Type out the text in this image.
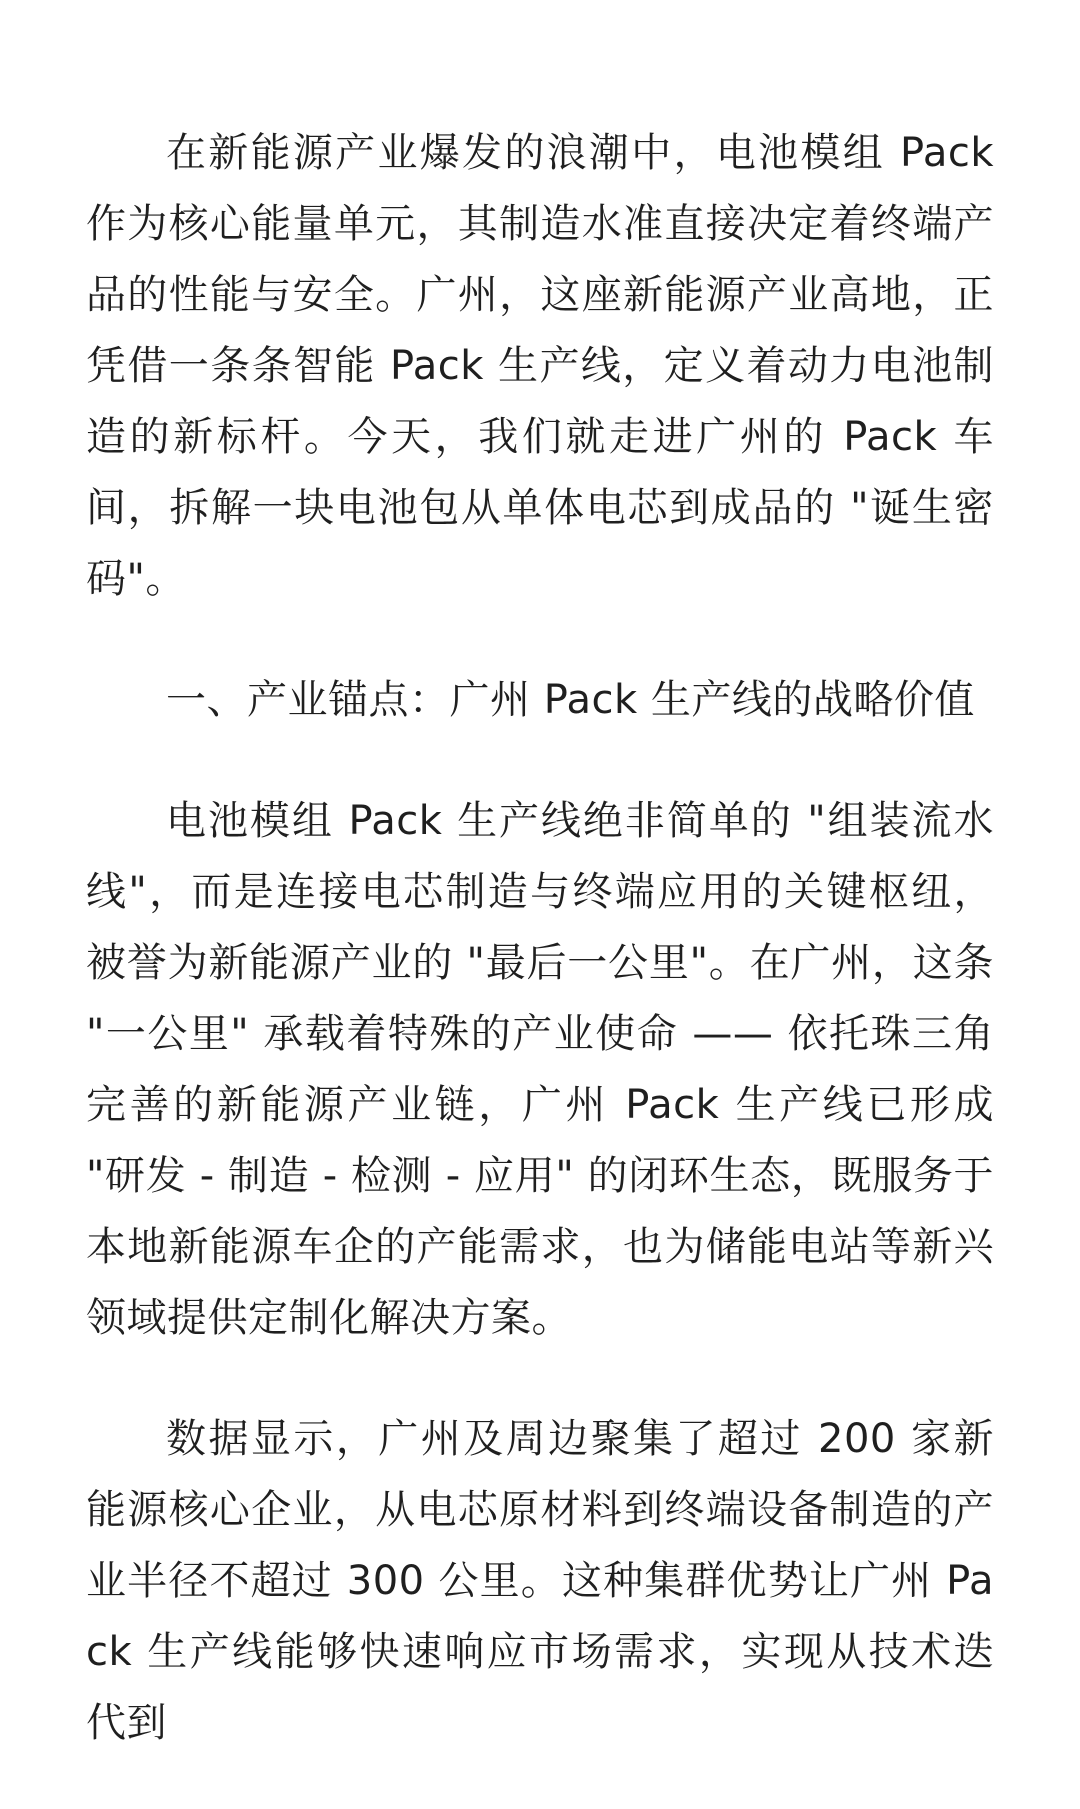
在新能源产业爆发的浪潮中，电池模组 Pack 作为核心能量单元，其制造水准直接决定着终端产品的性能与安全。广州，这座新能源产业高地，正凭借一条条智能 Pack 生产线，定义着动力电池制造的新标杆。今天，我们就走进广州的 Pack 车间，拆解一块电池包从单体电芯到成品的 "诞生密码"。

一、产业锚点：广州 Pack 生产线的战略价值

电池模组 Pack 生产线绝非简单的 "组装流水线"，而是连接电芯制造与终端应用的关键枢纽，被誉为新能源产业的 "最后一公里"。在广州，这条 "一公里" 承载着特殊的产业使命 —— 依托珠三角完善的新能源产业链，广州 Pack 生产线已形成 "研发 - 制造 - 检测 - 应用" 的闭环生态，既服务于本地新能源车企的产能需求，也为储能电站等新兴领域提供定制化解决方案。

数据显示，广州及周边聚集了超过 200 家新能源核心企业，从电芯原材料到终端设备制造的产业半径不超过 300 公里。这种集群优势让广州 Pack 生产线能够快速响应市场需求，实现从技术迭代到
